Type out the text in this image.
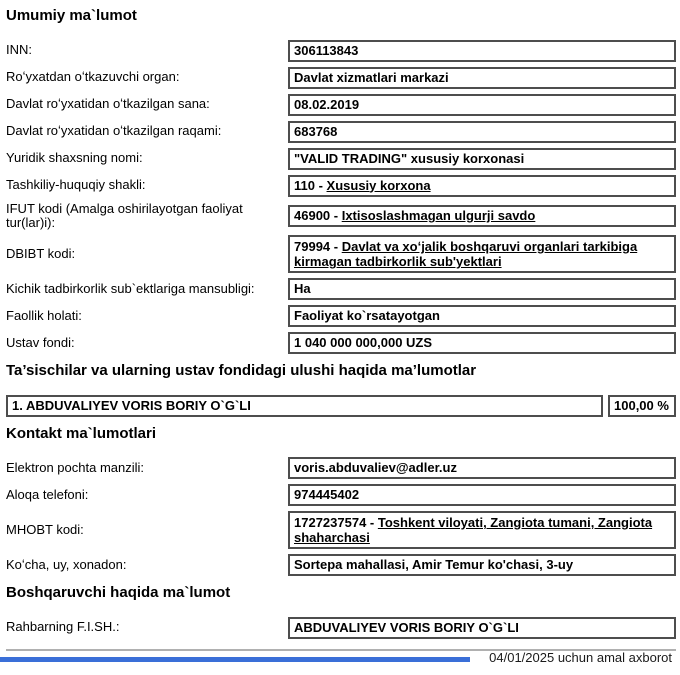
Umumiy ma`lumot
INN:	306113843
Roʻyxatdan oʻtkazuvchi organ:	Davlat xizmatlari markazi
Davlat roʻyxatidan oʻtkazilgan sana:	08.02.2019
Davlat roʻyxatidan oʻtkazilgan raqami:	683768
Yuridik shaxsning nomi:	"VALID TRADING" xususiy korxonasi
Tashkiliy-huquqiy shakli:	110 - Xususiy korxona
IFUT kodi (Amalga oshirilayotgan faoliyat tur(lar)i):	46900 - Ixtisoslashmagan ulgurji savdo
DBIBT kodi:	79994 - Davlat va xoʻjalik boshqaruvi organlari tarkibiga kirmagan tadbirkorlik sub'yektlari
Kichik tadbirkorlik sub`ektlariga mansubligi:	Ha
Faollik holati:	Faoliyat ko`rsatayotgan
Ustav fondi:	1 040 000 000,000 UZS
Ta’sischilar va ularning ustav fondidagi ulushi haqida ma’lumotlar
1. ABDUVALIYEV VORIS BORIY O`G`LI	100,00 %
Kontakt ma`lumotlari
Elektron pochta manzili:	voris.abduvaliev@adler.uz
Aloqa telefoni:	974445402
MHOBT kodi:	1727237574 - Toshkent viloyati, Zangiota tumani, Zangiota shaharchasi
Koʻcha, uy, xonadon:	Sortepa mahallasi, Amir Temur ko'chasi, 3-uy
Boshqaruvchi haqida ma`lumot
Rahbarning F.I.SH.:	ABDUVALIYEV VORIS BORIY O`G`LI
04/01/2025 uchun amal axborot
